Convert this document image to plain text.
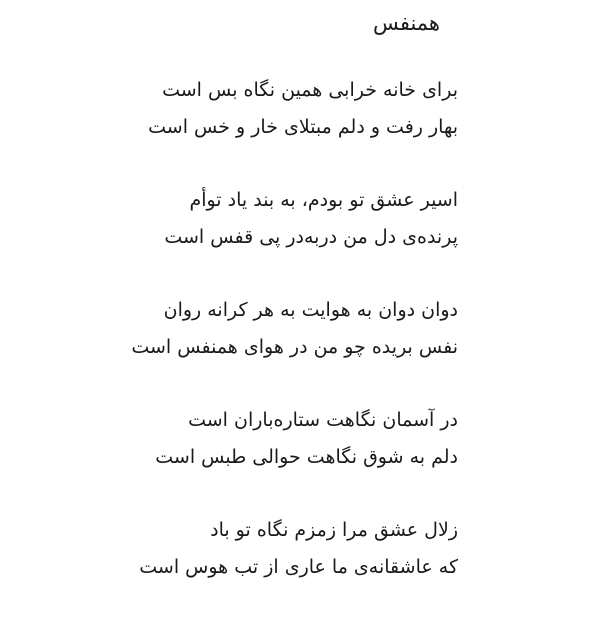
همنفس
برای خانه خرابی همین نگاه بس است
بهار رفت و دلم مبتلای خار و خس است
اسیر عشق تو بودم، به بند یاد توأم
پرنده‌ی دل من دربه‌در پی قفس است
دوان دوان به هوایت به هر کرانه روان
نفس بریده چو من در هوای همنفس است
در آسمان نگاهت ستاره‌باران است
دلم به شوق نگاهت حوالی طبس است
زلال عشق مرا زمزم نگاه تو باد
که عاشقانه‌ی ما عاری از تب هوس است
